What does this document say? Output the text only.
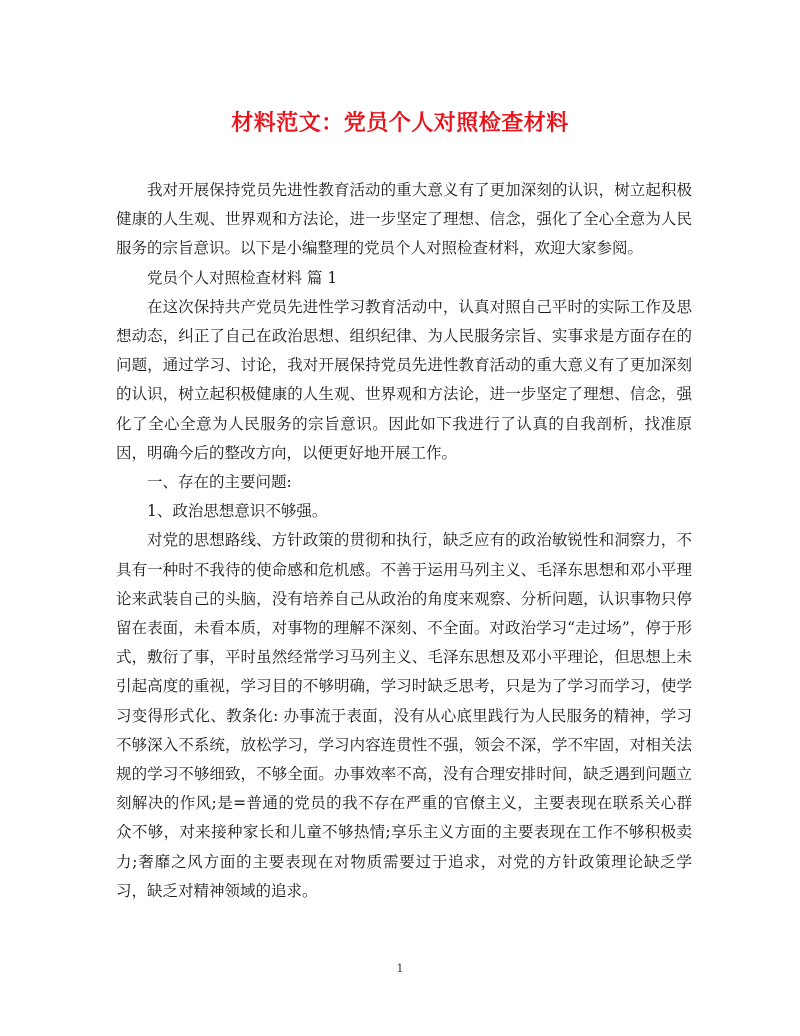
材料范文：党员个人对照检查材料

我对开展保持党员先进性教育活动的重大意义有了更加深刻的认识，树立起积极健康的人生观、世界观和方法论，进一步坚定了理想、信念，强化了全心全意为人民服务的宗旨意识。以下是小编整理的党员个人对照检查材料，欢迎大家参阅。

党员个人对照检查材料 篇 1

在这次保持共产党员先进性学习教育活动中，认真对照自己平时的实际工作及思想动态，纠正了自己在政治思想、组织纪律、为人民服务宗旨、实事求是方面存在的问题，通过学习、讨论，我对开展保持党员先进性教育活动的重大意义有了更加深刻的认识，树立起积极健康的人生观、世界观和方法论，进一步坚定了理想、信念，强化了全心全意为人民服务的宗旨意识。因此如下我进行了认真的自我剖析，找准原因，明确今后的整改方向，以便更好地开展工作。

一、存在的主要问题:

1、政治思想意识不够强。

对党的思想路线、方针政策的贯彻和执行，缺乏应有的政治敏锐性和洞察力，不具有一种时不我待的使命感和危机感。不善于运用马列主义、毛泽东思想和邓小平理论来武装自己的头脑，没有培养自己从政治的角度来观察、分析问题，认识事物只停留在表面，未看本质，对事物的理解不深刻、不全面。对政治学习“走过场”，停于形式，敷衍了事，平时虽然经常学习马列主义、毛泽东思想及邓小平理论，但思想上未引起高度的重视，学习目的不够明确，学习时缺乏思考，只是为了学习而学习，使学习变得形式化、教条化: 办事流于表面，没有从心底里践行为人民服务的精神，学习不够深入不系统，放松学习，学习内容连贯性不强，领会不深，学不牢固，对相关法规的学习不够细致，不够全面。办事效率不高，没有合理安排时间，缺乏遇到问题立刻解决的作风;是=普通的党员的我不存在严重的官僚主义，主要表现在联系关心群众不够，对来接种家长和儿童不够热情;享乐主义方面的主要表现在工作不够积极卖力;奢靡之风方面的主要表现在对物质需要过于追求，对党的方针政策理论缺乏学习，缺乏对精神领域的追求。

1
